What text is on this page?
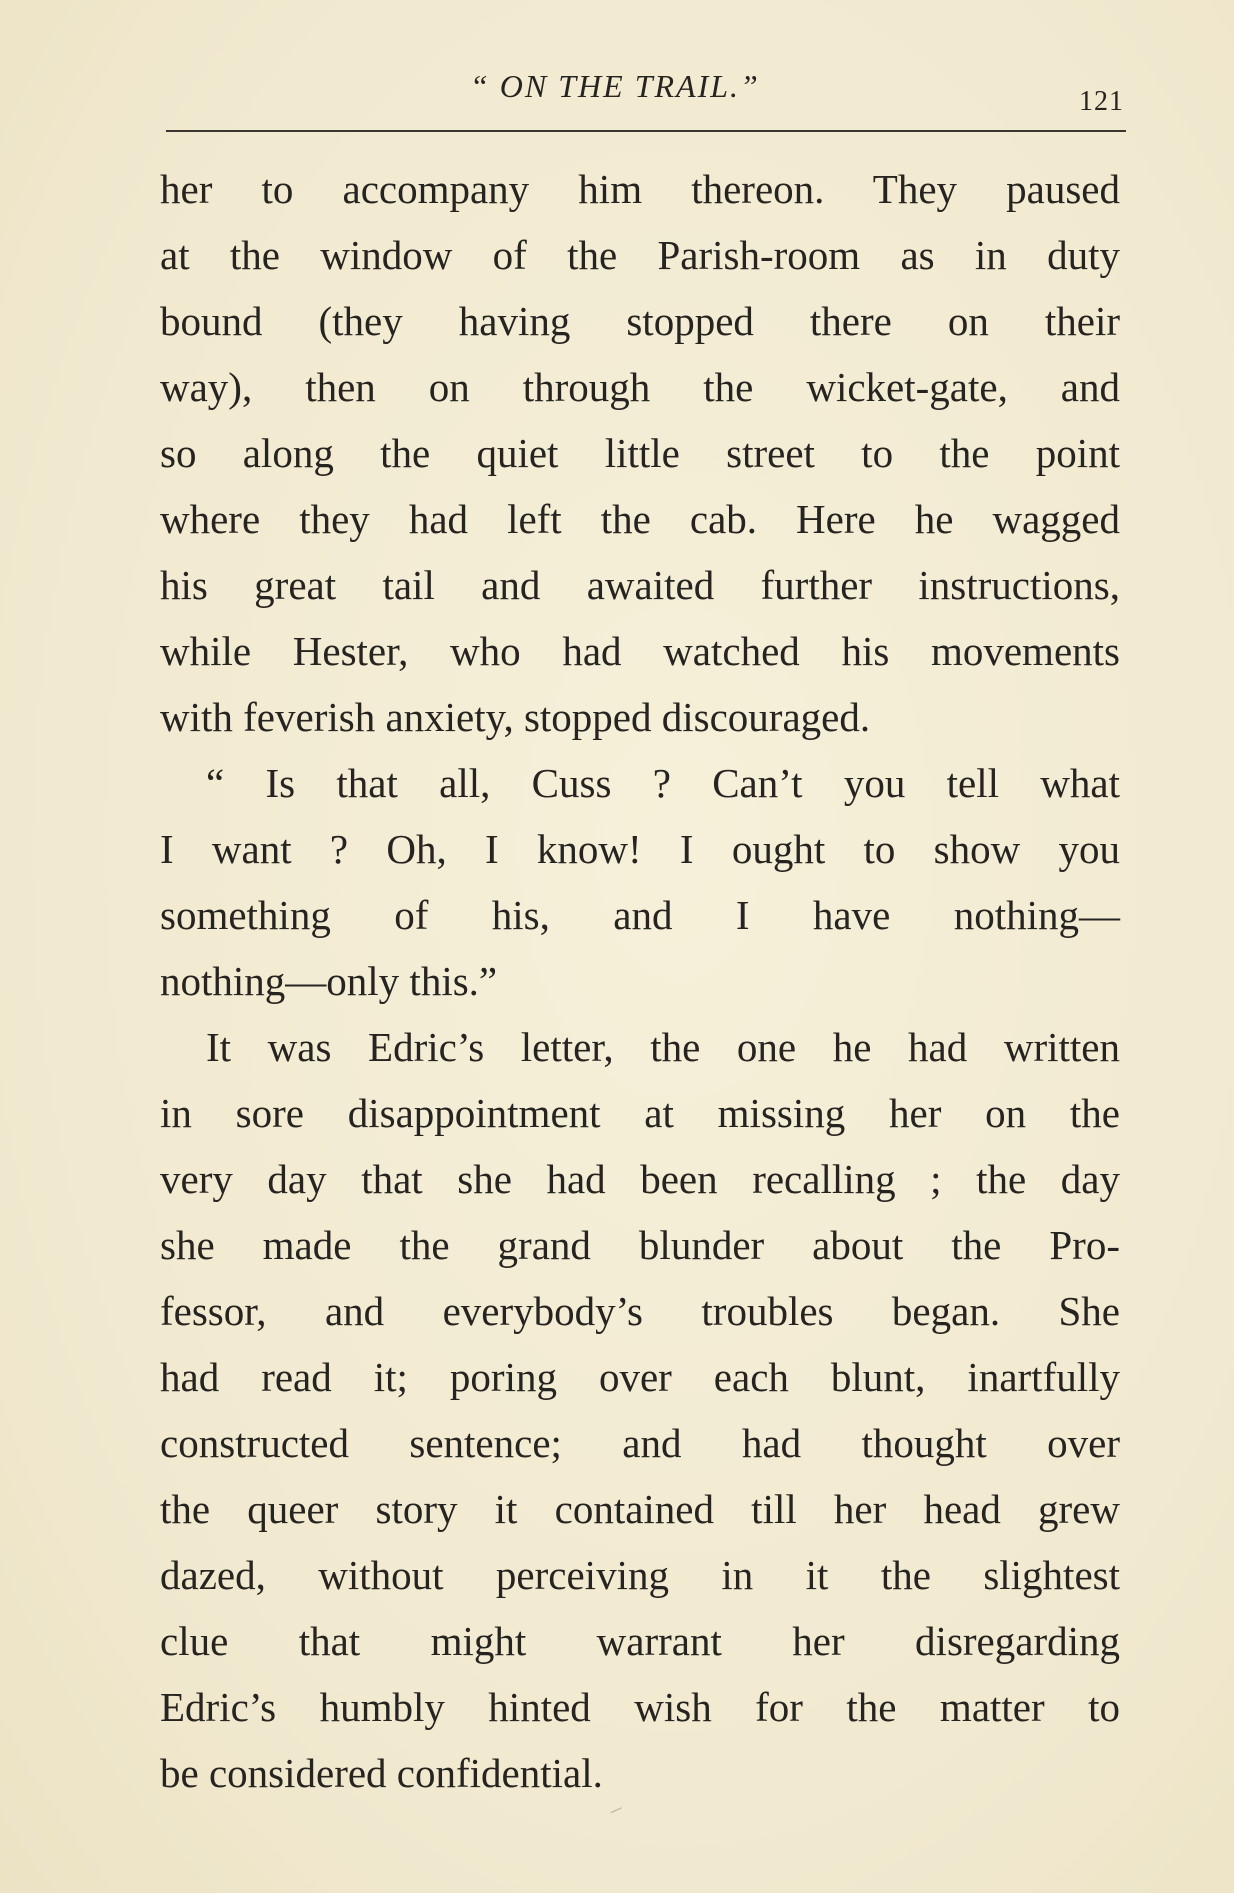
“ ON THE TRAIL.”	121
her to accompany him thereon. They paused
at the window of the Parish-room as in duty
bound (they having stopped there on their
way), then on through the wicket-gate, and
so along the quiet little street to the point
where they had left the cab. Here he wagged
his great tail and awaited further instructions,
while Hester, who had watched his movements
with feverish anxiety, stopped discouraged.
“ Is that all, Cuss ? Can’t you tell what
I want ? Oh, I know! I ought to show you
something of his, and I have nothing—
nothing—only this.”
It was Edric’s letter, the one he had written
in sore disappointment at missing her on the
very day that she had been recalling ; the day
she made the grand blunder about the Pro-
fessor, and everybody’s troubles began. She
had read it; poring over each blunt, inartfully
constructed sentence; and had thought over
the queer story it contained till her head grew
dazed, without perceiving in it the slightest
clue that might warrant her disregarding
Edric’s humbly hinted wish for the matter to
be considered confidential.
